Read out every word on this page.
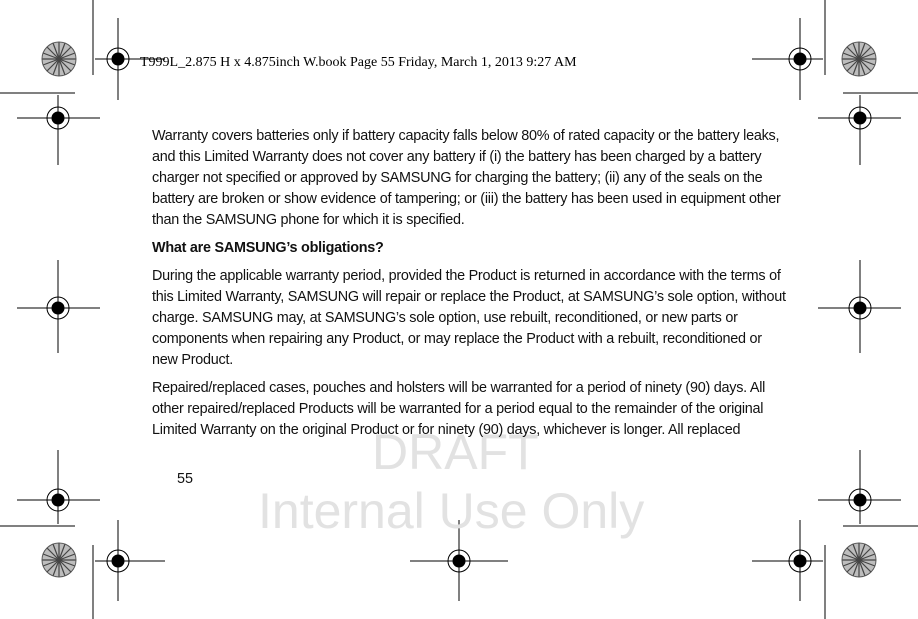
T999L_2.875 H x 4.875inch W.book Page 55 Friday, March 1, 2013 9:27 AM
DRAFT
Internal Use Only

Warranty covers batteries only if battery capacity falls below 80% of rated capacity or the battery leaks, and this Limited Warranty does not cover any battery if (i) the battery has been charged by a battery charger not specified or approved by SAMSUNG for charging the battery; (ii) any of the seals on the battery are broken or show evidence of tampering; or (iii) the battery has been used in equipment other than the SAMSUNG phone for which it is specified.

What are SAMSUNG’s obligations?

During the applicable warranty period, provided the Product is returned in accordance with the terms of this Limited Warranty, SAMSUNG will repair or replace the Product, at SAMSUNG’s sole option, without charge. SAMSUNG may, at SAMSUNG’s sole option, use rebuilt, reconditioned, or new parts or components when repairing any Product, or may replace the Product with a rebuilt, reconditioned or new Product.

Repaired/replaced cases, pouches and holsters will be warranted for a period of ninety (90) days. All other repaired/replaced Products will be warranted for a period equal to the remainder of the original Limited Warranty on the original Product or for ninety (90) days, whichever is longer. All replaced

55
